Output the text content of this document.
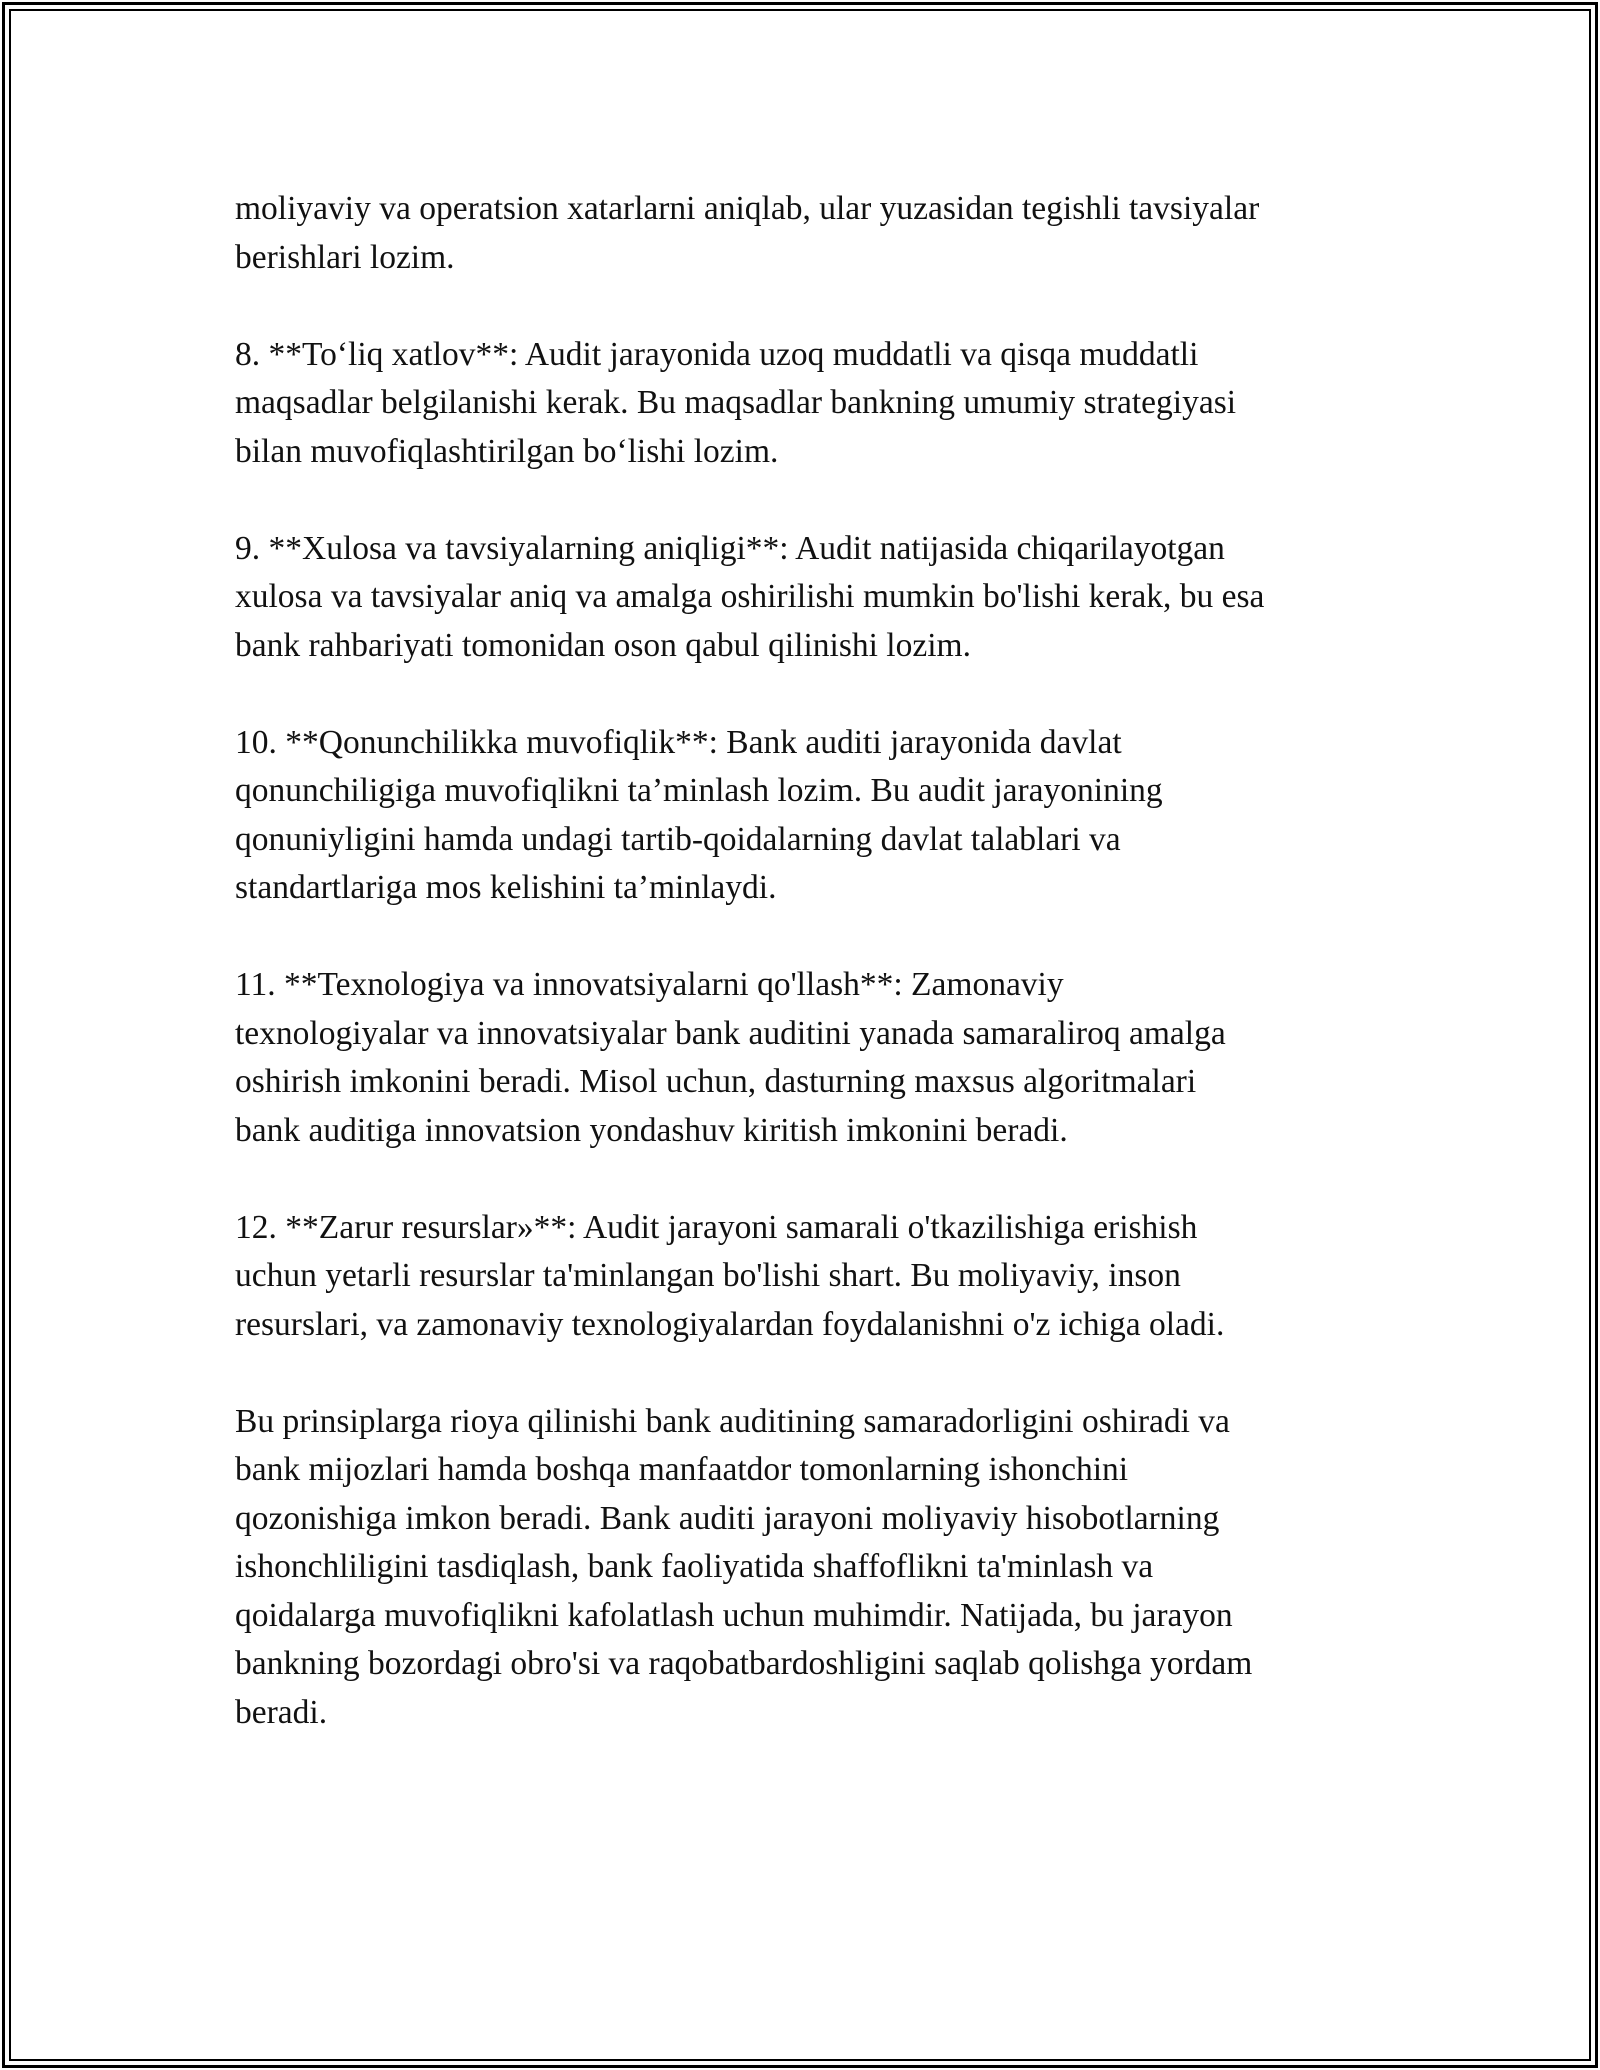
moliyaviy va operatsion xatarlarni aniqlab, ular yuzasidan tegishli tavsiyalar
berishlari lozim.

8. **To‘liq xatlov**: Audit jarayonida uzoq muddatli va qisqa muddatli
maqsadlar belgilanishi kerak. Bu maqsadlar bankning umumiy strategiyasi
bilan muvofiqlashtirilgan bo‘lishi lozim.

9. **Xulosa va tavsiyalarning aniqligi**: Audit natijasida chiqarilayotgan
xulosa va tavsiyalar aniq va amalga oshirilishi mumkin bo'lishi kerak, bu esa
bank rahbariyati tomonidan oson qabul qilinishi lozim.

10. **Qonunchilikka muvofiqlik**: Bank auditi jarayonida davlat
qonunchiligiga muvofiqlikni ta’minlash lozim. Bu audit jarayonining
qonuniyligini hamda undagi tartib-qoidalarning davlat talablari va
standartlariga mos kelishini ta’minlaydi.

11. **Texnologiya va innovatsiyalarni qo'llash**: Zamonaviy
texnologiyalar va innovatsiyalar bank auditini yanada samaraliroq amalga
oshirish imkonini beradi. Misol uchun, dasturning maxsus algoritmalari
bank auditiga innovatsion yondashuv kiritish imkonini beradi.

12. **Zarur resurslar»**: Audit jarayoni samarali o'tkazilishiga erishish
uchun yetarli resurslar ta'minlangan bo'lishi shart. Bu moliyaviy, inson
resurslari, va zamonaviy texnologiyalardan foydalanishni o'z ichiga oladi.

Bu prinsiplarga rioya qilinishi bank auditining samaradorligini oshiradi va
bank mijozlari hamda boshqa manfaatdor tomonlarning ishonchini
qozonishiga imkon beradi. Bank auditi jarayoni moliyaviy hisobotlarning
ishonchliligini tasdiqlash, bank faoliyatida shaffoflikni ta'minlash va
qoidalarga muvofiqlikni kafolatlash uchun muhimdir. Natijada, bu jarayon
bankning bozordagi obro'si va raqobatbardoshligini saqlab qolishga yordam
beradi.
